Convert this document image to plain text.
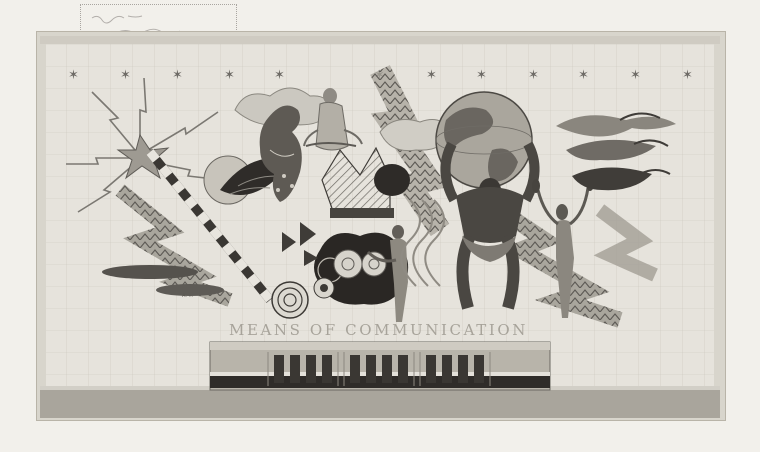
✶	✶	✶	✶	✶	✶	✶	✶	✶	✶	✶	✶
A. ...
MEANS OF COMMUNICATION
